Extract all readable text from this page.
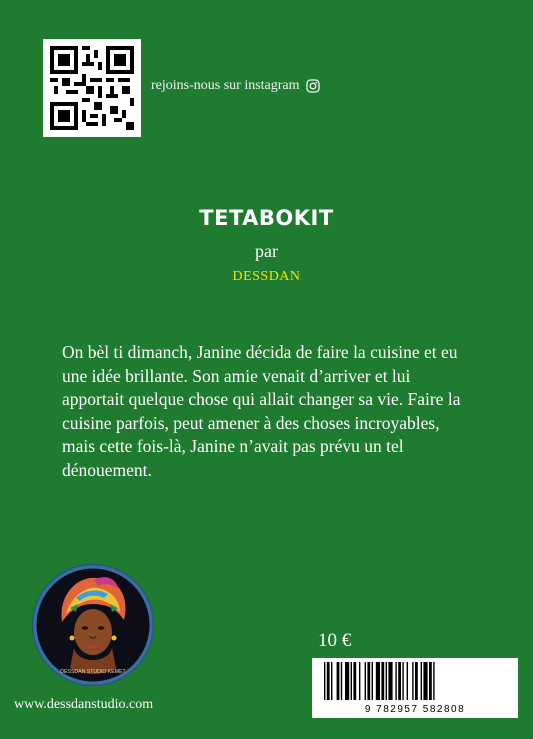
rejoins-nous sur instagram
TETABOKIT
par
DESSDAN
On bèl ti dimanch, Janine décida de faire la cuisine et eu une idée brillante. Son amie venait d’arriver et lui apportait quelque chose qui allait changer sa vie. Faire la cuisine parfois, peut amener à des choses incroyables, mais cette fois-là, Janine n’avait pas prévu un tel dénouement.
DESSDAN STUDIO KEMET
www.dessdanstudio.com
10 €
9 782957 582808
